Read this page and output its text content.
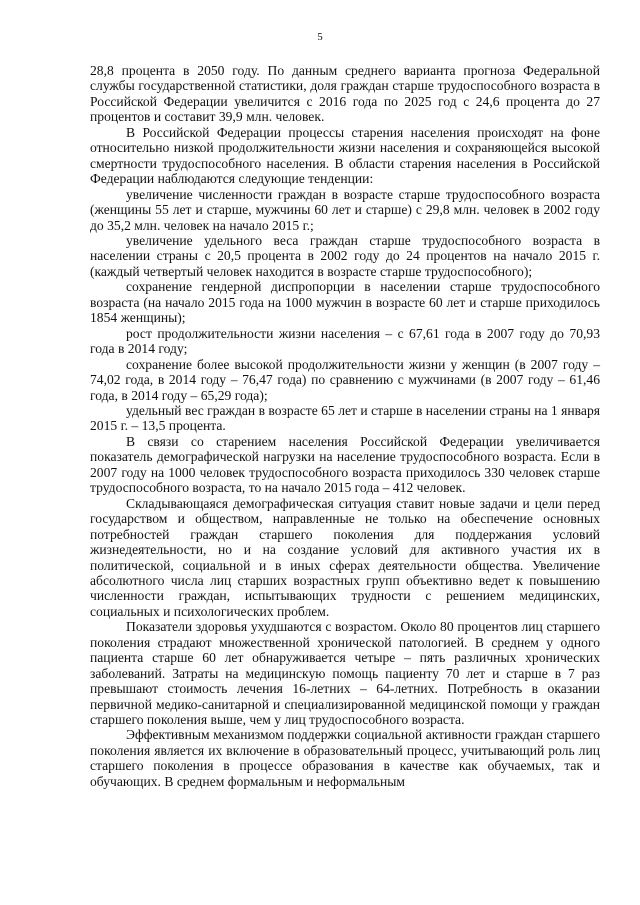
5

28,8 процента в 2050 году. По данным среднего варианта прогноза Федеральной службы государственной статистики, доля граждан старше трудоспособного возраста в Российской Федерации увеличится с 2016 года по 2025 год с 24,6 процента до 27 процентов и составит 39,9 млн. человек.

В Российской Федерации процессы старения населения происходят на фоне относительно низкой продолжительности жизни населения и сохраняющейся высокой смертности трудоспособного населения. В области старения населения в Российской Федерации наблюдаются следующие тенденции:

увеличение численности граждан в возрасте старше трудоспособного возраста (женщины 55 лет и старше, мужчины 60 лет и старше) с 29,8 млн. человек в 2002 году до 35,2 млн. человек на начало 2015 г.;

увеличение удельного веса граждан старше трудоспособного возраста в населении страны с 20,5 процента в 2002 году до 24 процентов на начало 2015 г. (каждый четвертый человек находится в возрасте старше трудоспособного);

сохранение гендерной диспропорции в населении старше трудоспособного возраста (на начало 2015 года на 1000 мужчин в возрасте 60 лет и старше приходилось 1854 женщины);

рост продолжительности жизни населения – с 67,61 года в 2007 году до 70,93 года в 2014 году;

сохранение более высокой продолжительности жизни у женщин (в 2007 году – 74,02 года, в 2014 году – 76,47 года) по сравнению с мужчинами (в 2007 году – 61,46 года, в 2014 году – 65,29 года);

удельный вес граждан в возрасте 65 лет и старше в населении страны на 1 января 2015 г. – 13,5 процента.

В связи со старением населения Российской Федерации увеличивается показатель демографической нагрузки на население трудоспособного возраста. Если в 2007 году на 1000 человек трудоспособного возраста приходилось 330 человек старше трудоспособного возраста, то на начало 2015 года – 412 человек.

Складывающаяся демографическая ситуация ставит новые задачи и цели перед государством и обществом, направленные не только на обеспечение основных потребностей граждан старшего поколения для поддержания условий жизнедеятельности, но и на создание условий для активного участия их в политической, социальной и в иных сферах деятельности общества. Увеличение абсолютного числа лиц старших возрастных групп объективно ведет к повышению численности граждан, испытывающих трудности с решением медицинских, социальных и психологических проблем.

Показатели здоровья ухудшаются с возрастом. Около 80 процентов лиц старшего поколения страдают множественной хронической патологией. В среднем у одного пациента старше 60 лет обнаруживается четыре – пять различных хронических заболеваний. Затраты на медицинскую помощь пациенту 70 лет и старше в 7 раз превышают стоимость лечения 16-летних – 64-летних. Потребность в оказании первичной медико-санитарной и специализированной медицинской помощи у граждан старшего поколения выше, чем у лиц трудоспособного возраста.

Эффективным механизмом поддержки социальной активности граждан старшего поколения является их включение в образовательный процесс, учитывающий роль лиц старшего поколения в процессе образования в качестве как обучаемых, так и обучающих. В среднем формальным и неформальным
